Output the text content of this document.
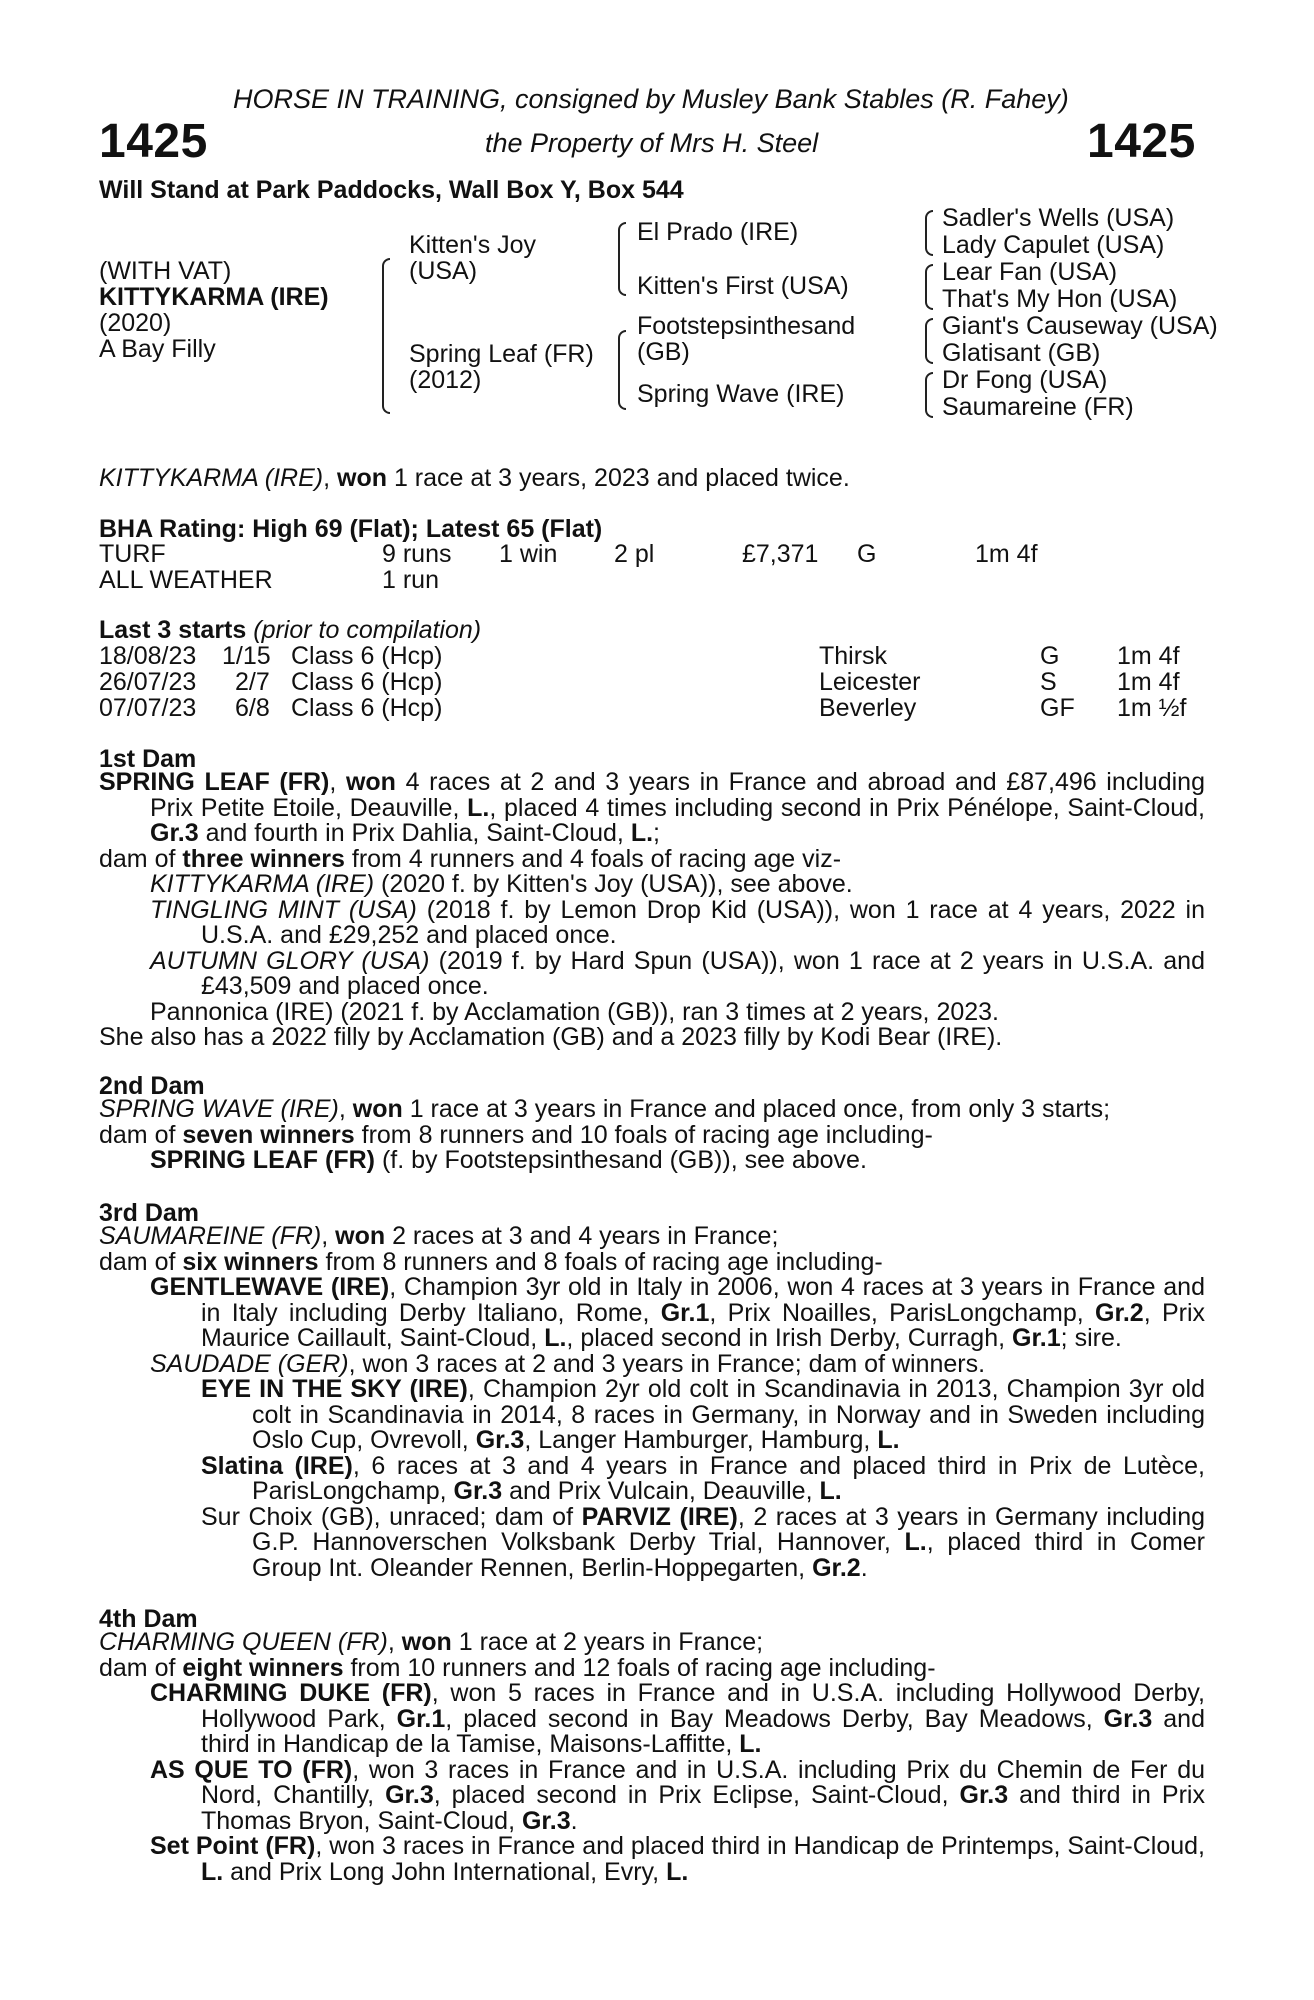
HORSE IN TRAINING, consigned by Musley Bank Stables (R. Fahey)
1425	the Property of Mrs H. Steel	1425
Will Stand at Park Paddocks, Wall Box Y, Box 544
(WITH VAT)
KITTYKARMA (IRE)
(2020)
A Bay Filly
Kitten's Joy
(USA)
Spring Leaf (FR)
(2012)
El Prado (IRE)
Kitten's First (USA)
Footstepsinthesand
(GB)
Spring Wave (IRE)
Sadler's Wells (USA)
Lady Capulet (USA)
Lear Fan (USA)
That's My Hon (USA)
Giant's Causeway (USA)
Glatisant (GB)
Dr Fong (USA)
Saumareine (FR)
KITTYKARMA (IRE), won 1 race at 3 years, 2023 and placed twice.
BHA Rating: High 69 (Flat); Latest 65 (Flat)
TURF	9 runs 1 win 2 pl	£7,371 G	1m 4f
ALL WEATHER	1 run
Last 3 starts (prior to compilation)
18/08/23 1/15 Class 6 (Hcp)	Thirsk	G 1m 4f
26/07/23 2/7 Class 6 (Hcp)	Leicester	S 1m 4f
07/07/23 6/8 Class 6 (Hcp)	Beverley	GF 1m ½f
1st Dam

SPRING LEAF (FR), won 4 races at 2 and 3 years in France and abroad and £87,496 including Prix Petite Etoile, Deauville, L., placed 4 times including second in Prix Pénélope, Saint-Cloud, Gr.3 and fourth in Prix Dahlia, Saint-Cloud, L.;

dam of three winners from 4 runners and 4 foals of racing age viz-

KITTYKARMA (IRE) (2020 f. by Kitten's Joy (USA)), see above.

TINGLING MINT (USA) (2018 f. by Lemon Drop Kid (USA)), won 1 race at 4 years, 2022 in U.S.A. and £29,252 and placed once.

AUTUMN GLORY (USA) (2019 f. by Hard Spun (USA)), won 1 race at 2 years in U.S.A. and £43,509 and placed once.

Pannonica (IRE) (2021 f. by Acclamation (GB)), ran 3 times at 2 years, 2023.

She also has a 2022 filly by Acclamation (GB) and a 2023 filly by Kodi Bear (IRE).

2nd Dam

SPRING WAVE (IRE), won 1 race at 3 years in France and placed once, from only 3 starts;

dam of seven winners from 8 runners and 10 foals of racing age including-

SPRING LEAF (FR) (f. by Footstepsinthesand (GB)), see above.

3rd Dam

SAUMAREINE (FR), won 2 races at 3 and 4 years in France;

dam of six winners from 8 runners and 8 foals of racing age including-

GENTLEWAVE (IRE), Champion 3yr old in Italy in 2006, won 4 races at 3 years in France and in Italy including Derby Italiano, Rome, Gr.1, Prix Noailles, ParisLongchamp, Gr.2, Prix Maurice Caillault, Saint-Cloud, L., placed second in Irish Derby, Curragh, Gr.1; sire.

SAUDADE (GER), won 3 races at 2 and 3 years in France; dam of winners.

EYE IN THE SKY (IRE), Champion 2yr old colt in Scandinavia in 2013, Champion 3yr old colt in Scandinavia in 2014, 8 races in Germany, in Norway and in Sweden including Oslo Cup, Ovrevoll, Gr.3, Langer Hamburger, Hamburg, L.

Slatina (IRE), 6 races at 3 and 4 years in France and placed third in Prix de Lutèce, ParisLongchamp, Gr.3 and Prix Vulcain, Deauville, L.

Sur Choix (GB), unraced; dam of PARVIZ (IRE), 2 races at 3 years in Germany including G.P. Hannoverschen Volksbank Derby Trial, Hannover, L., placed third in Comer Group Int. Oleander Rennen, Berlin-Hoppegarten, Gr.2.

4th Dam

CHARMING QUEEN (FR), won 1 race at 2 years in France;

dam of eight winners from 10 runners and 12 foals of racing age including-

CHARMING DUKE (FR), won 5 races in France and in U.S.A. including Hollywood Derby, Hollywood Park, Gr.1, placed second in Bay Meadows Derby, Bay Meadows, Gr.3 and third in Handicap de la Tamise, Maisons-Laffitte, L.

AS QUE TO (FR), won 3 races in France and in U.S.A. including Prix du Chemin de Fer du Nord, Chantilly, Gr.3, placed second in Prix Eclipse, Saint-Cloud, Gr.3 and third in Prix Thomas Bryon, Saint-Cloud, Gr.3.

Set Point (FR), won 3 races in France and placed third in Handicap de Printemps, Saint-Cloud, L. and Prix Long John International, Evry, L.
